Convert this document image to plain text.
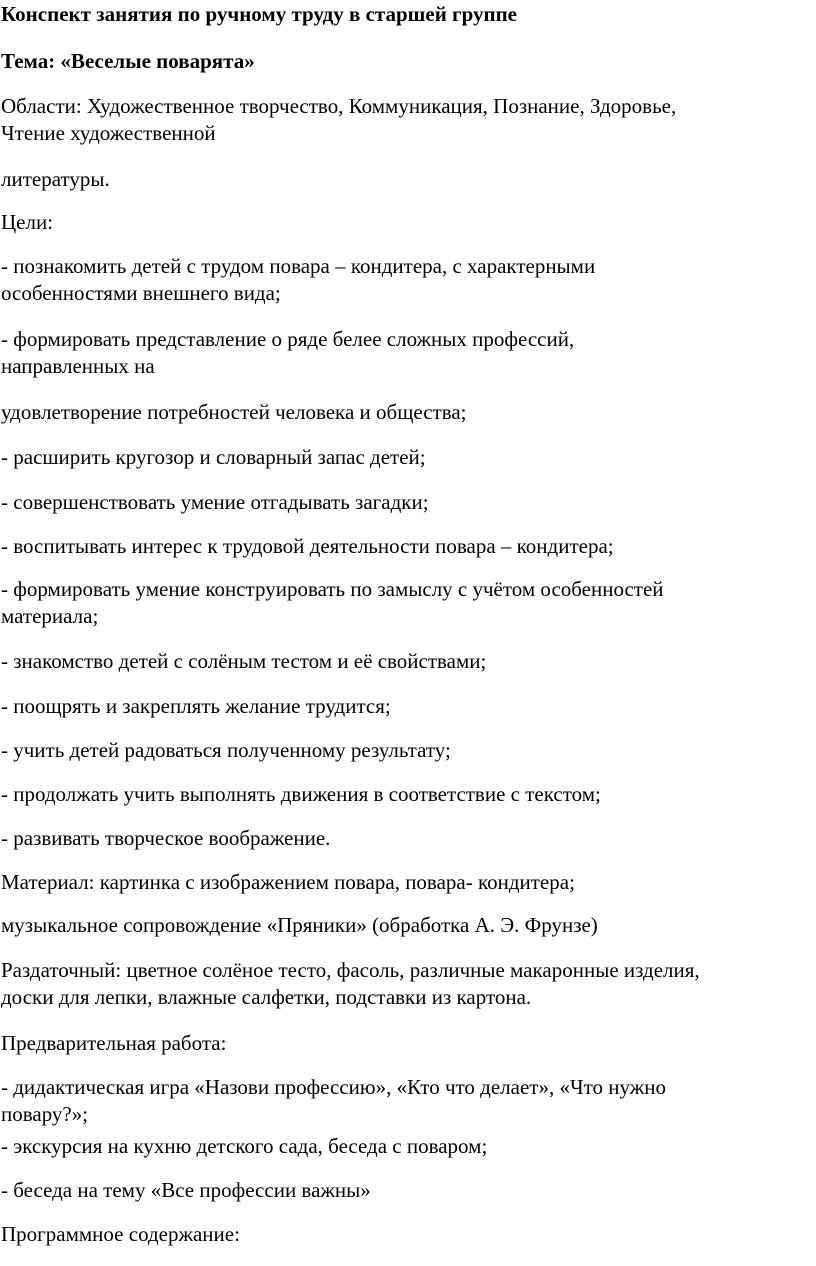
Конспект занятия по ручному труду в старшей группе
Тема: «Веселые поварята»
Области: Художественное творчество, Коммуникация, Познание, Здоровье,
Чтение художественной
литературы.
Цели:
- познакомить детей с трудом повара – кондитера, с характерными
особенностями внешнего вида;
- формировать представление о ряде белее сложных профессий,
направленных на
удовлетворение потребностей человека и общества;
- расширить кругозор и словарный запас детей;
- совершенствовать умение отгадывать загадки;
- воспитывать интерес к трудовой деятельности повара – кондитера;
- формировать умение конструировать по замыслу с учётом особенностей
материала;
- знакомство детей с солёным тестом и её свойствами;
- поощрять и закреплять желание трудится;
- учить детей радоваться полученному результату;
- продолжать учить выполнять движения в соответствие с текстом;
- развивать творческое воображение.
Материал: картинка с изображением повара, повара- кондитера;
музыкальное сопровождение «Пряники» (обработка А. Э. Фрунзе)
Раздаточный: цветное солёное тесто, фасоль, различные макаронные изделия,
доски для лепки, влажные салфетки, подставки из картона.
Предварительная работа:
- дидактическая игра «Назови профессию», «Кто что делает», «Что нужно
повару?»;
- экскурсия на кухню детского сада, беседа с поваром;
- беседа на тему «Все профессии важны»
Программное содержание:
